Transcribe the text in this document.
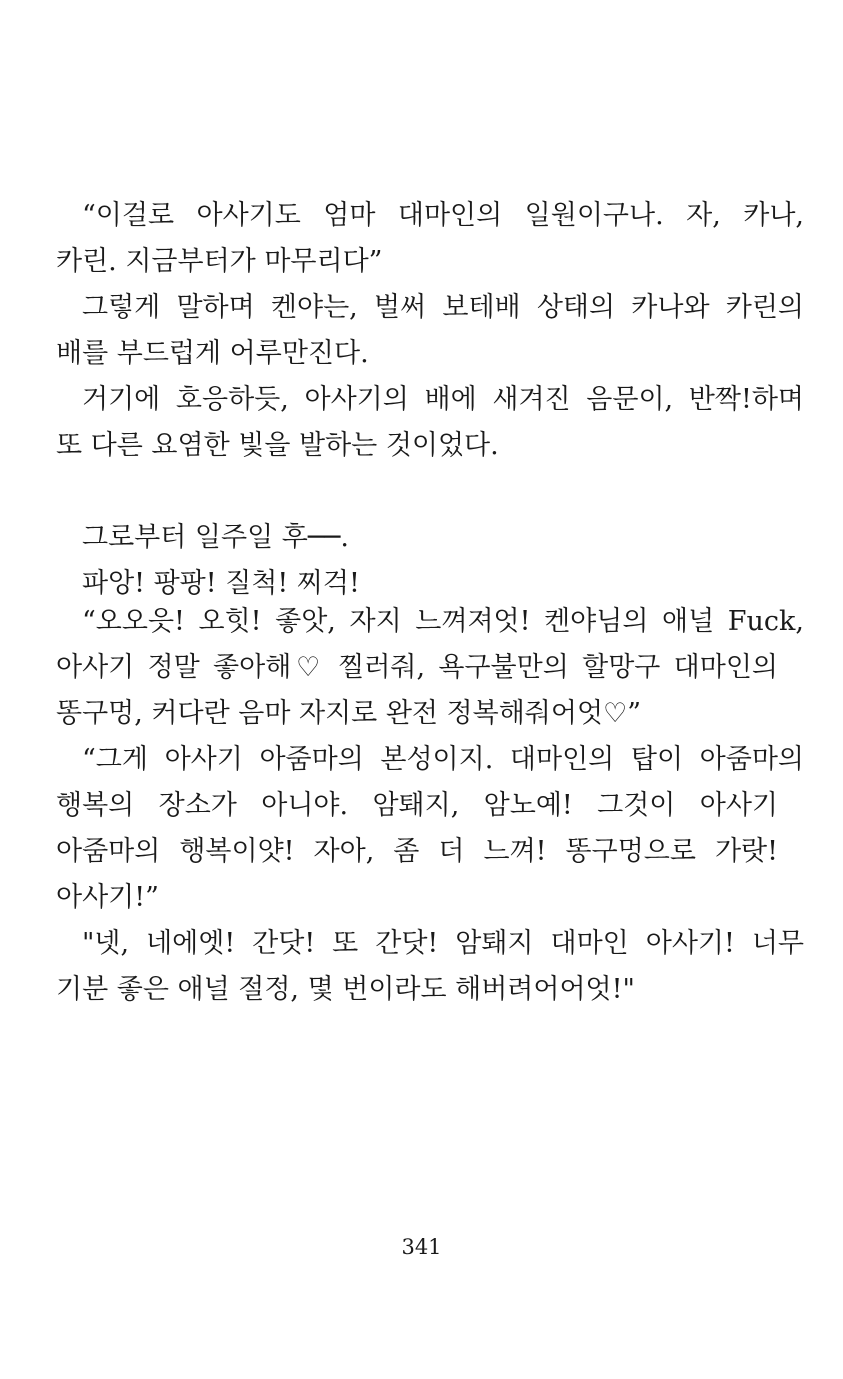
“이걸로 아사기도 엄마 대마인의 일원이구나. 자, 카나,
카린. 지금부터가 마무리다”
그렇게 말하며 켄야는, 벌써 보테배 상태의 카나와 카린의
배를 부드럽게 어루만진다.
거기에 호응하듯, 아사기의 배에 새겨진 음문이, 반짝!하며
또 다른 요염한 빛을 발하는 것이었다.
그로부터 일주일 후──.
파앙! 팡팡! 질척! 찌걱!
“오오읏! 오힛! 좋앗, 자지 느껴져엇! 켄야님의 애널 Fuck,
아사기 정말 좋아해♡ 찔러줘, 욕구불만의 할망구 대마인의
똥구멍, 커다란 음마 자지로 완전 정복해줘어엇♡”
“그게 아사기 아줌마의 본성이지. 대마인의 탑이 아줌마의
행복의 장소가 아니야. 암퇘지, 암노예! 그것이 아사기
아줌마의 행복이얏! 자아, 좀 더 느껴! 똥구멍으로 가랏!
아사기!”
"넷, 네에엣! 간닷! 또 간닷! 암퇘지 대마인 아사기! 너무
기분 좋은 애널 절정, 몇 번이라도 해버려어어엇!"
341
